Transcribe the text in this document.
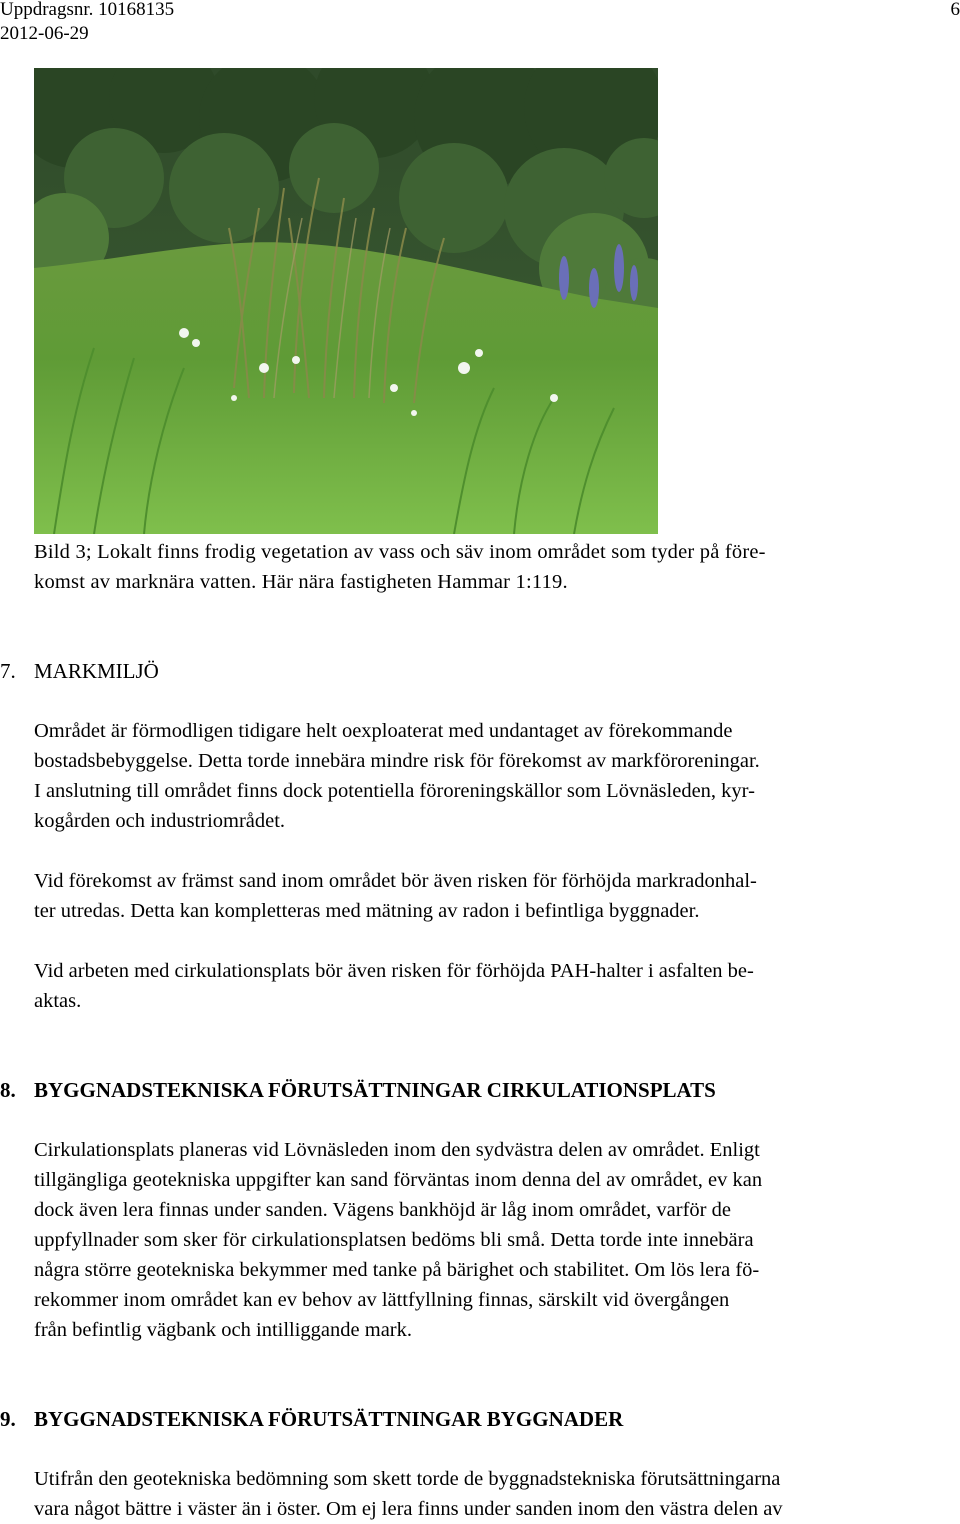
Uppdragsnr. 10168135
2012-06-29
6
Bild 3; Lokalt finns frodig vegetation av vass och säv inom området som tyder på före-
komst av marknära vatten. Här nära fastigheten Hammar 1:119.
7. MARKMILJÖ
Området är förmodligen tidigare helt oexploaterat med undantaget av förekommande
bostadsbebyggelse. Detta torde innebära mindre risk för förekomst av markföroreningar.
I anslutning till området finns dock potentiella föroreningskällor som Lövnäsleden, kyr-
kogården och industriområdet.
Vid förekomst av främst sand inom området bör även risken för förhöjda markradonhal-
ter utredas. Detta kan kompletteras med mätning av radon i befintliga byggnader.
Vid arbeten med cirkulationsplats bör även risken för förhöjda PAH-halter i asfalten be-
aktas.
8. BYGGNADSTEKNISKA FÖRUTSÄTTNINGAR CIRKULATIONSPLATS
Cirkulationsplats planeras vid Lövnäsleden inom den sydvästra delen av området. Enligt
tillgängliga geotekniska uppgifter kan sand förväntas inom denna del av området, ev kan
dock även lera finnas under sanden. Vägens bankhöjd är låg inom området, varför de
uppfyllnader som sker för cirkulationsplatsen bedöms bli små. Detta torde inte innebära
några större geotekniska bekymmer med tanke på bärighet och stabilitet. Om lös lera fö-
rekommer inom området kan ev behov av lättfyllning finnas, särskilt vid övergången
från befintlig vägbank och intilliggande mark.
9. BYGGNADSTEKNISKA FÖRUTSÄTTNINGAR BYGGNADER
Utifrån den geotekniska bedömning som skett torde de byggnadstekniska förutsättningarna
vara något bättre i väster än i öster. Om ej lera finns under sanden inom den västra delen av
